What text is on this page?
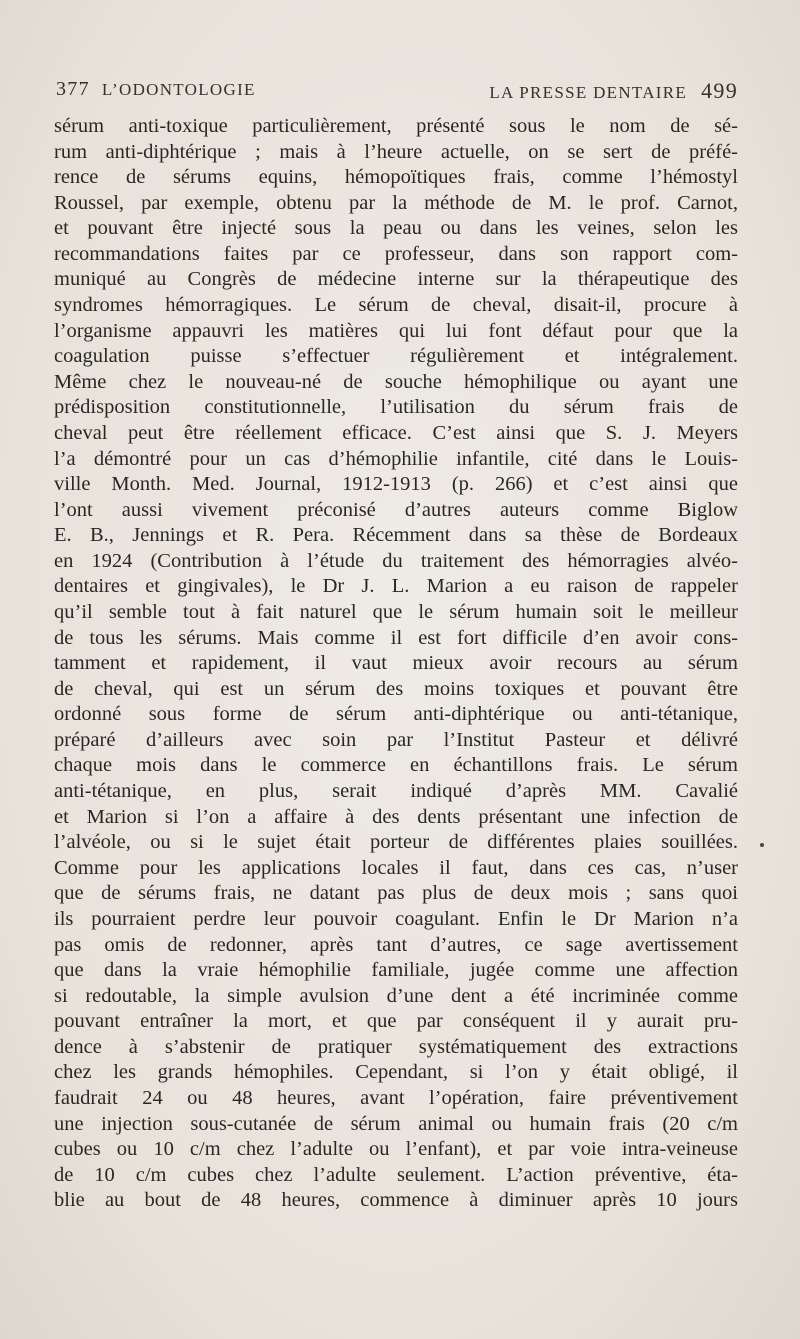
377 L’ODONTOLOGIE	LA PRESSE DENTAIRE 499
sérum anti-toxique particulièrement, présenté sous le nom de sé-
rum anti-diphtérique ; mais à l’heure actuelle, on se sert de préfé-
rence de sérums equins, hémopoïtiques frais, comme l’hémostyl
Roussel, par exemple, obtenu par la méthode de M. le prof. Carnot,
et pouvant être injecté sous la peau ou dans les veines, selon les
recommandations faites par ce professeur, dans son rapport com-
muniqué au Congrès de médecine interne sur la thérapeutique des
syndromes hémorragiques. Le sérum de cheval, disait-il, procure à
l’organisme appauvri les matières qui lui font défaut pour que la
coagulation puisse s’effectuer régulièrement et intégralement.
Même chez le nouveau-né de souche hémophilique ou ayant une
prédisposition constitutionnelle, l’utilisation du sérum frais de
cheval peut être réellement efficace. C’est ainsi que S. J. Meyers
l’a démontré pour un cas d’hémophilie infantile, cité dans le Louis-
ville Month. Med. Journal, 1912-1913 (p. 266) et c’est ainsi que
l’ont aussi vivement préconisé d’autres auteurs comme Biglow
E. B., Jennings et R. Pera. Récemment dans sa thèse de Bordeaux
en 1924 (Contribution à l’étude du traitement des hémorragies alvéo-
dentaires et gingivales), le Dr J. L. Marion a eu raison de rappeler
qu’il semble tout à fait naturel que le sérum humain soit le meilleur
de tous les sérums. Mais comme il est fort difficile d’en avoir cons-
tamment et rapidement, il vaut mieux avoir recours au sérum
de cheval, qui est un sérum des moins toxiques et pouvant être
ordonné sous forme de sérum anti-diphtérique ou anti-tétanique,
préparé d’ailleurs avec soin par l’Institut Pasteur et délivré
chaque mois dans le commerce en échantillons frais. Le sérum
anti-tétanique, en plus, serait indiqué d’après MM. Cavalié
et Marion si l’on a affaire à des dents présentant une infection de
l’alvéole, ou si le sujet était porteur de différentes plaies souillées.
Comme pour les applications locales il faut, dans ces cas, n’user
que de sérums frais, ne datant pas plus de deux mois ; sans quoi
ils pourraient perdre leur pouvoir coagulant. Enfin le Dr Marion n’a
pas omis de redonner, après tant d’autres, ce sage avertissement
que dans la vraie hémophilie familiale, jugée comme une affection
si redoutable, la simple avulsion d’une dent a été incriminée comme
pouvant entraîner la mort, et que par conséquent il y aurait pru-
dence à s’abstenir de pratiquer systématiquement des extractions
chez les grands hémophiles. Cependant, si l’on y était obligé, il
faudrait 24 ou 48 heures, avant l’opération, faire préventivement
une injection sous-cutanée de sérum animal ou humain frais (20 c/m
cubes ou 10 c/m chez l’adulte ou l’enfant), et par voie intra-veineuse
de 10 c/m cubes chez l’adulte seulement. L’action préventive, éta-
blie au bout de 48 heures, commence à diminuer après 10 jours
